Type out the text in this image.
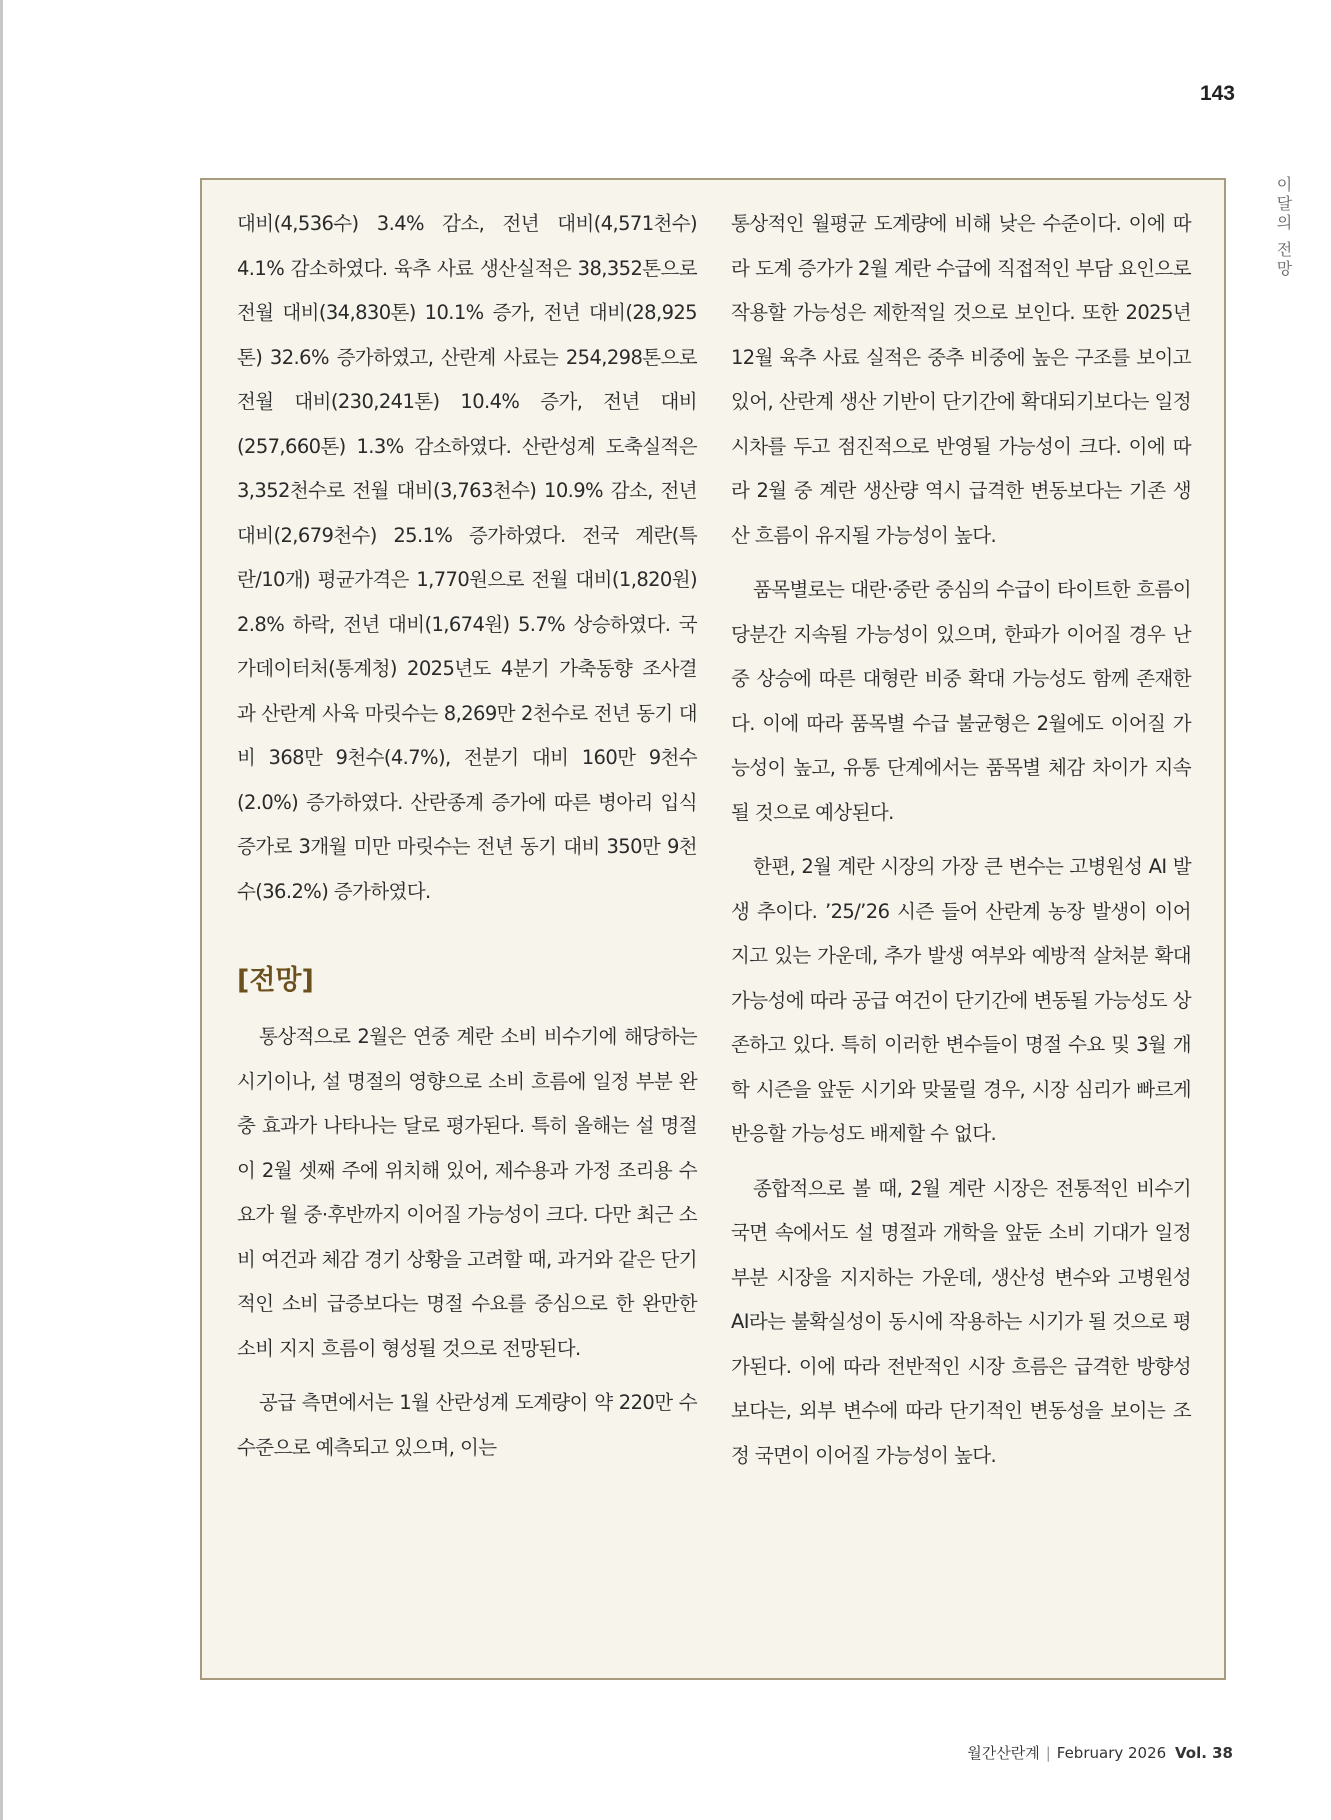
143
이달의 전망

대비(4,536수) 3.4% 감소, 전년 대비(4,571천수) 4.1% 감소하였다. 육추 사료 생산실적은 38,352톤으로 전월 대비(34,830톤) 10.1% 증가, 전년 대비(28,925톤) 32.6% 증가하였고, 산란계 사료는 254,298톤으로 전월 대비(230,241톤) 10.4% 증가, 전년 대비(257,660톤) 1.3% 감소하였다. 산란성계 도축실적은 3,352천수로 전월 대비(3,763천수) 10.9% 감소, 전년 대비(2,679천수) 25.1% 증가하였다. 전국 계란(특란/10개) 평균가격은 1,770원으로 전월 대비(1,820원) 2.8% 하락, 전년 대비(1,674원) 5.7% 상승하였다. 국가데이터처(통계청) 2025년도 4분기 가축동향 조사결과 산란계 사육 마릿수는 8,269만 2천수로 전년 동기 대비 368만 9천수(4.7%), 전분기 대비 160만 9천수(2.0%) 증가하였다. 산란종계 증가에 따른 병아리 입식 증가로 3개월 미만 마릿수는 전년 동기 대비 350만 9천수(36.2%) 증가하였다.

[전망]

통상적으로 2월은 연중 계란 소비 비수기에 해당하는 시기이나, 설 명절의 영향으로 소비 흐름에 일정 부분 완충 효과가 나타나는 달로 평가된다. 특히 올해는 설 명절이 2월 셋째 주에 위치해 있어, 제수용과 가정 조리용 수요가 월 중·후반까지 이어질 가능성이 크다. 다만 최근 소비 여건과 체감 경기 상황을 고려할 때, 과거와 같은 단기적인 소비 급증보다는 명절 수요를 중심으로 한 완만한 소비 지지 흐름이 형성될 것으로 전망된다.

공급 측면에서는 1월 산란성계 도계량이 약 220만 수 수준으로 예측되고 있으며, 이는

통상적인 월평균 도계량에 비해 낮은 수준이다. 이에 따라 도계 증가가 2월 계란 수급에 직접적인 부담 요인으로 작용할 가능성은 제한적일 것으로 보인다. 또한 2025년 12월 육추 사료 실적은 중추 비중에 높은 구조를 보이고 있어, 산란계 생산 기반이 단기간에 확대되기보다는 일정 시차를 두고 점진적으로 반영될 가능성이 크다. 이에 따라 2월 중 계란 생산량 역시 급격한 변동보다는 기존 생산 흐름이 유지될 가능성이 높다.

품목별로는 대란·중란 중심의 수급이 타이트한 흐름이 당분간 지속될 가능성이 있으며, 한파가 이어질 경우 난중 상승에 따른 대형란 비중 확대 가능성도 함께 존재한다. 이에 따라 품목별 수급 불균형은 2월에도 이어질 가능성이 높고, 유통 단계에서는 품목별 체감 차이가 지속될 것으로 예상된다.

한편, 2월 계란 시장의 가장 큰 변수는 고병원성 AI 발생 추이다. ’25/’26 시즌 들어 산란계 농장 발생이 이어지고 있는 가운데, 추가 발생 여부와 예방적 살처분 확대 가능성에 따라 공급 여건이 단기간에 변동될 가능성도 상존하고 있다. 특히 이러한 변수들이 명절 수요 및 3월 개학 시즌을 앞둔 시기와 맞물릴 경우, 시장 심리가 빠르게 반응할 가능성도 배제할 수 없다.

종합적으로 볼 때, 2월 계란 시장은 전통적인 비수기 국면 속에서도 설 명절과 개학을 앞둔 소비 기대가 일정 부분 시장을 지지하는 가운데, 생산성 변수와 고병원성 AI라는 불확실성이 동시에 작용하는 시기가 될 것으로 평가된다. 이에 따라 전반적인 시장 흐름은 급격한 방향성보다는, 외부 변수에 따라 단기적인 변동성을 보이는 조정 국면이 이어질 가능성이 높다.

월간산란계 | February 2026 Vol. 38
